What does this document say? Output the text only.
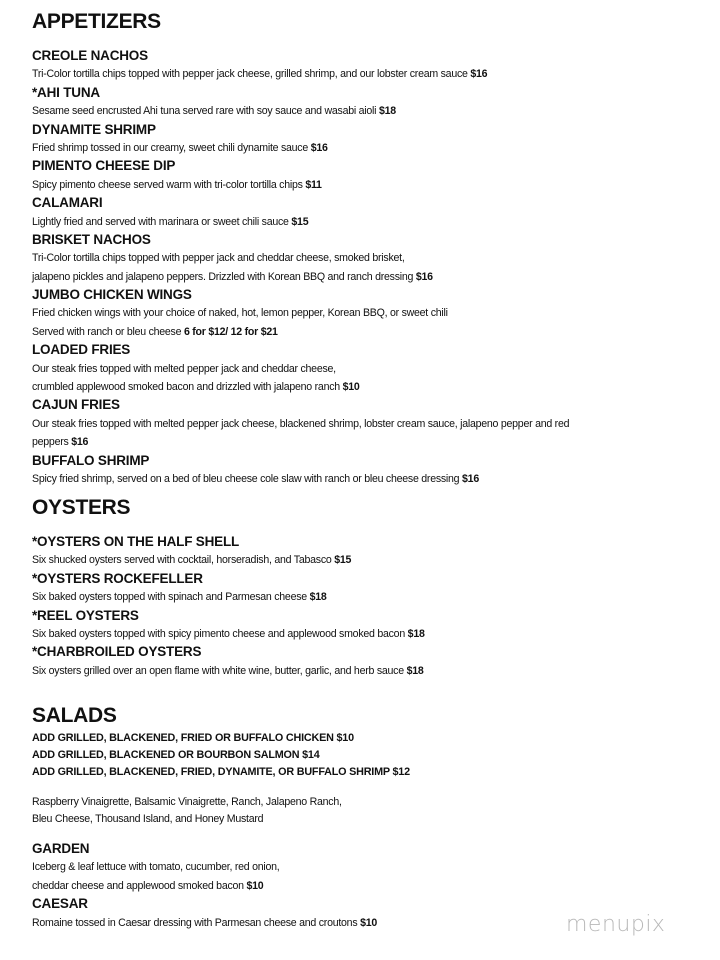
APPETIZERS
CREOLE NACHOS
Tri-Color tortilla chips topped with pepper jack cheese, grilled shrimp, and our lobster cream sauce $16
*AHI TUNA
Sesame seed encrusted Ahi tuna served rare with soy sauce and wasabi aioli $18
DYNAMITE SHRIMP
Fried shrimp tossed in our creamy, sweet chili dynamite sauce $16
PIMENTO CHEESE DIP
Spicy pimento cheese served warm with tri-color tortilla chips $11
CALAMARI
Lightly fried and served with marinara or sweet chili sauce $15
BRISKET NACHOS
Tri-Color tortilla chips topped with pepper jack and cheddar cheese, smoked brisket,
jalapeno pickles and jalapeno peppers. Drizzled with Korean BBQ and ranch dressing $16
JUMBO CHICKEN WINGS
Fried chicken wings with your choice of naked, hot, lemon pepper, Korean BBQ, or sweet chili
Served with ranch or bleu cheese 6 for $12/ 12 for $21
LOADED FRIES
Our steak fries topped with melted pepper jack and cheddar cheese,
crumbled applewood smoked bacon and drizzled with jalapeno ranch $10
CAJUN FRIES
Our steak fries topped with melted pepper jack cheese, blackened shrimp, lobster cream sauce, jalapeno pepper and red
peppers $16
BUFFALO SHRIMP
Spicy fried shrimp, served on a bed of bleu cheese cole slaw with ranch or bleu cheese dressing $16
OYSTERS
*OYSTERS ON THE HALF SHELL
Six shucked oysters served with cocktail, horseradish, and Tabasco $15
*OYSTERS ROCKEFELLER
Six baked oysters topped with spinach and Parmesan cheese $18
*REEL OYSTERS
Six baked oysters topped with spicy pimento cheese and applewood smoked bacon $18
*CHARBROILED OYSTERS
Six oysters grilled over an open flame with white wine, butter, garlic, and herb sauce $18
SALADS
ADD GRILLED, BLACKENED, FRIED OR BUFFALO CHICKEN $10
ADD GRILLED, BLACKENED OR BOURBON SALMON $14
ADD GRILLED, BLACKENED, FRIED, DYNAMITE, OR BUFFALO SHRIMP $12
Raspberry Vinaigrette, Balsamic Vinaigrette, Ranch, Jalapeno Ranch,
Bleu Cheese, Thousand Island, and Honey Mustard
GARDEN
Iceberg & leaf lettuce with tomato, cucumber, red onion,
cheddar cheese and applewood smoked bacon $10
CAESAR
Romaine tossed in Caesar dressing with Parmesan cheese and croutons $10	menupix
